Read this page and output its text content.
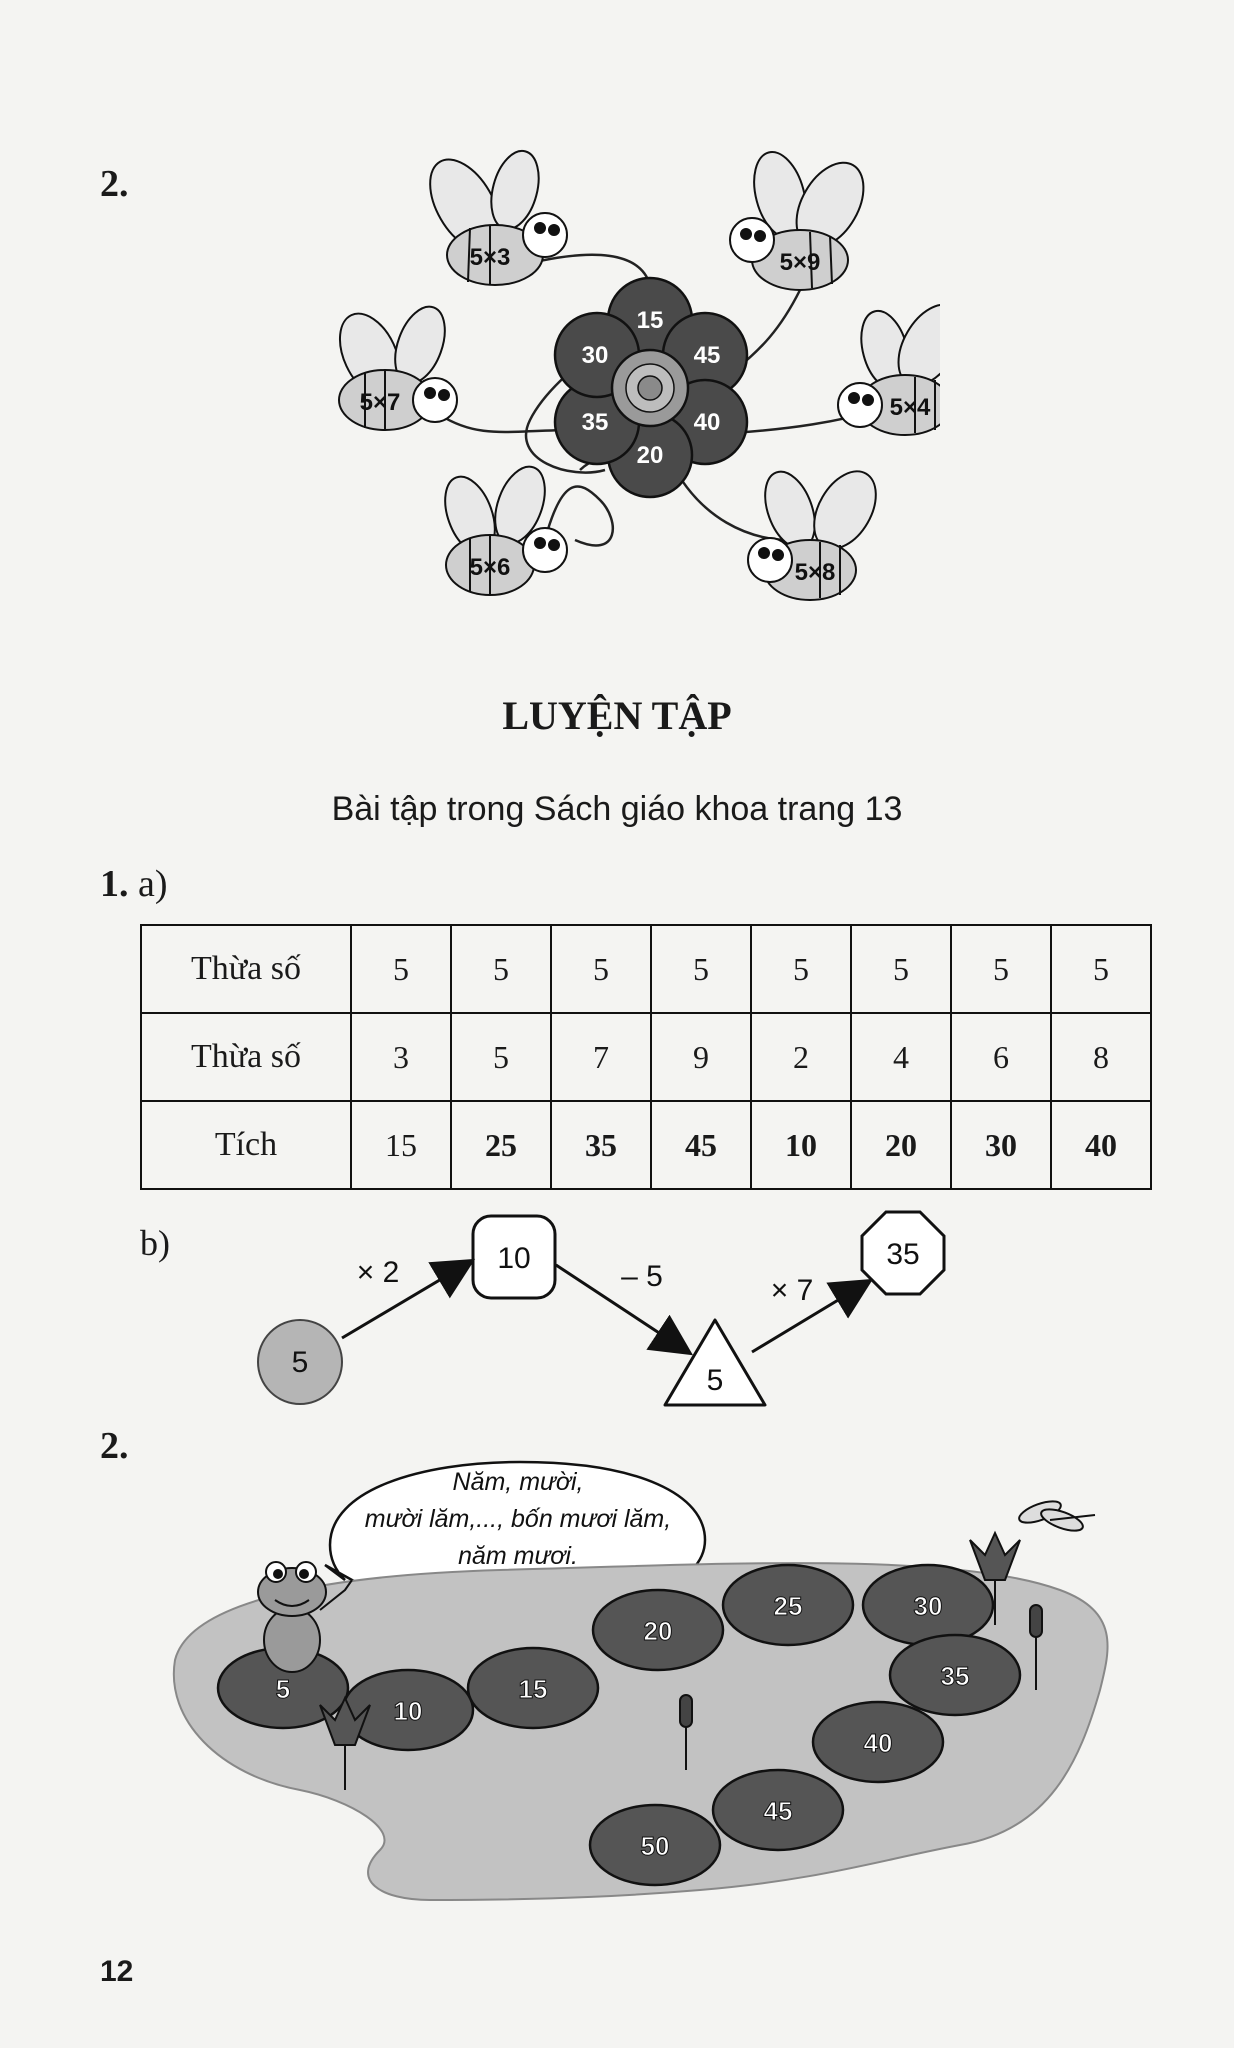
2.
15
45
40
20
35
30
5×3	5×9
5×7	5×4
5×6	5×8
LUYỆN TẬP
Bài tập trong Sách giáo khoa trang 13
1. a)
Thừa số	5	5	5	5	5	5	5	5
Thừa số	3	5	7	9	2	4	6	8
Tích	15	25	35	45	10	20	30	40
b)
5
× 2	10
– 5
5
× 7
35
2.
Năm, mười,
mười lăm,..., bốn mươi lăm,
năm mươi.
5
10
15
20
25	30
35
40
45
50
12
